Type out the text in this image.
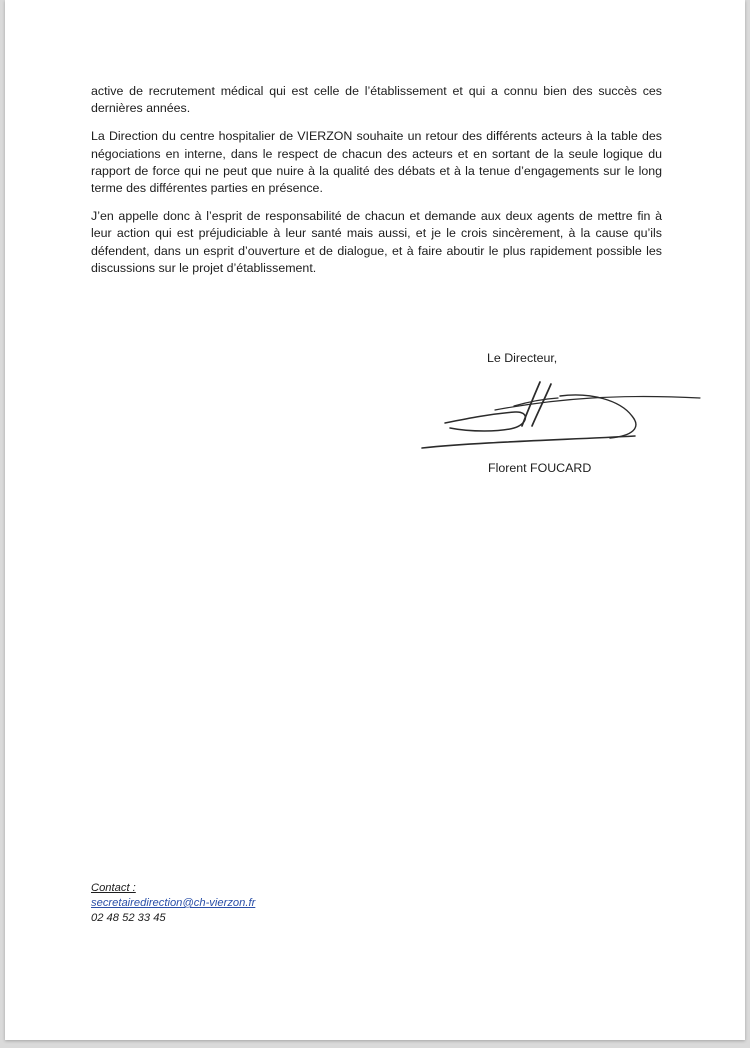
active de recrutement médical qui est celle de l’établissement et qui a connu bien des succès ces dernières années.

La Direction du centre hospitalier de VIERZON souhaite un retour des différents acteurs à la table des négociations en interne, dans le respect de chacun des acteurs et en sortant de la seule logique du rapport de force qui ne peut que nuire à la qualité des débats et à la tenue d’engagements sur le long terme des différentes parties en présence.

J’en appelle donc à l’esprit de responsabilité de chacun et demande aux deux agents de mettre fin à leur action qui est préjudiciable à leur santé mais aussi, et je le crois sincèrement, à la cause qu’ils défendent, dans un esprit d’ouverture et de dialogue, et à faire aboutir le plus rapidement possible les discussions sur le projet d’établissement.

Le Directeur,
Florent FOUCARD
Contact :
secretairedirection@ch-vierzon.fr
02 48 52 33 45
